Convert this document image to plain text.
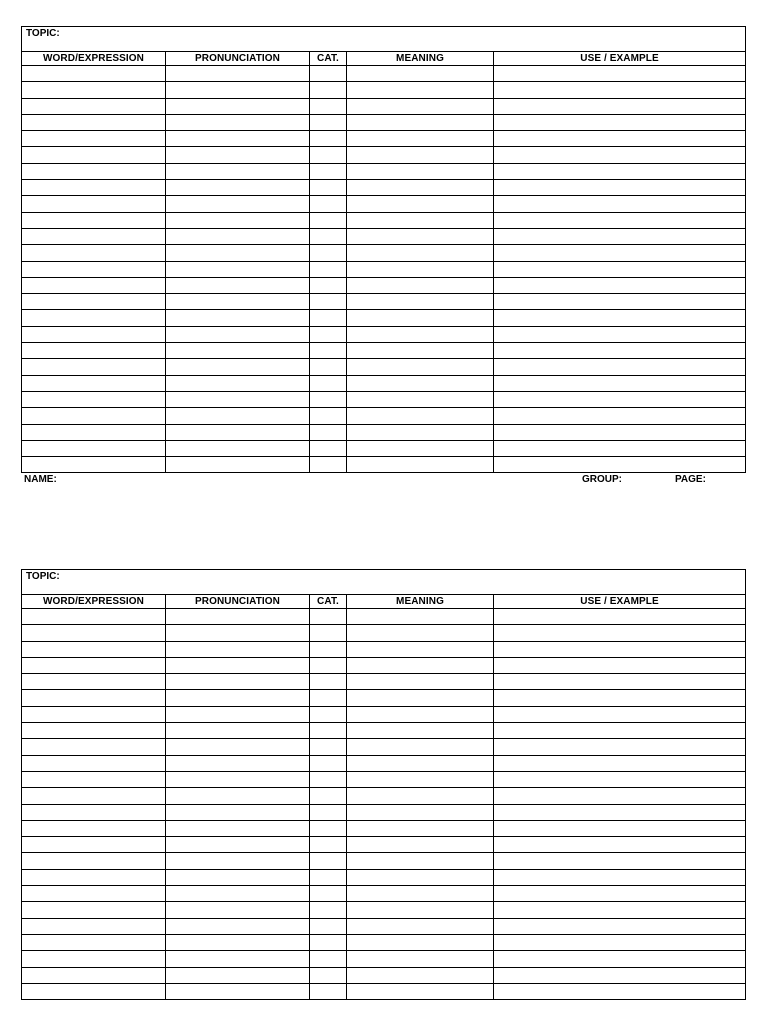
TOPIC:				
WORD/EXPRESSION	PRONUNCIATION	CAT.	MEANING	USE / EXAMPLE

NAME:	GROUP:	PAGE:
TOPIC:				
WORD/EXPRESSION	PRONUNCIATION	CAT.	MEANING	USE / EXAMPLE
